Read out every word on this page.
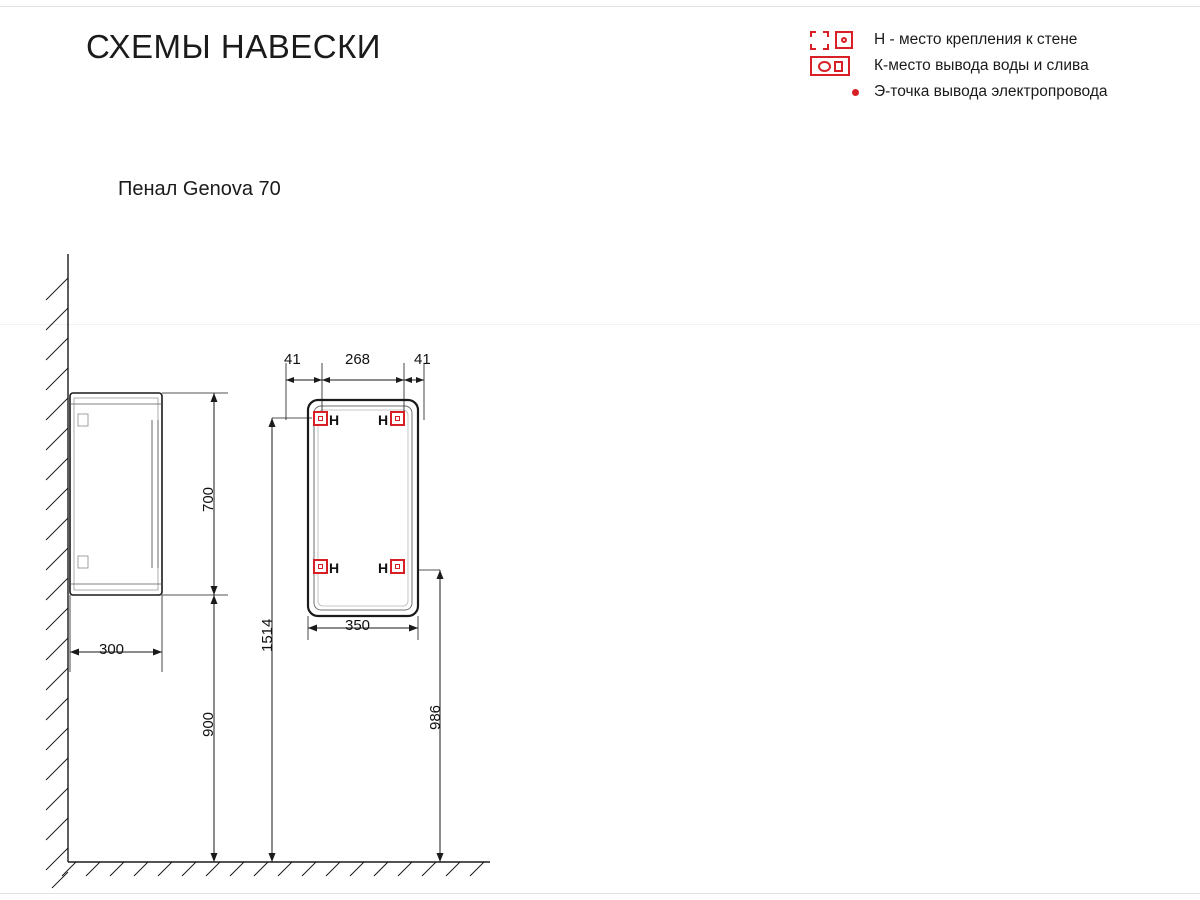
СХЕМЫ НАВЕСКИ
Пенал Genova 70
Н - место крепления к стене
К-место вывода воды и слива
Э-точка вывода электропровода
Н	Н
Н	Н
700
300
900
41	268	41
350
1514
986
